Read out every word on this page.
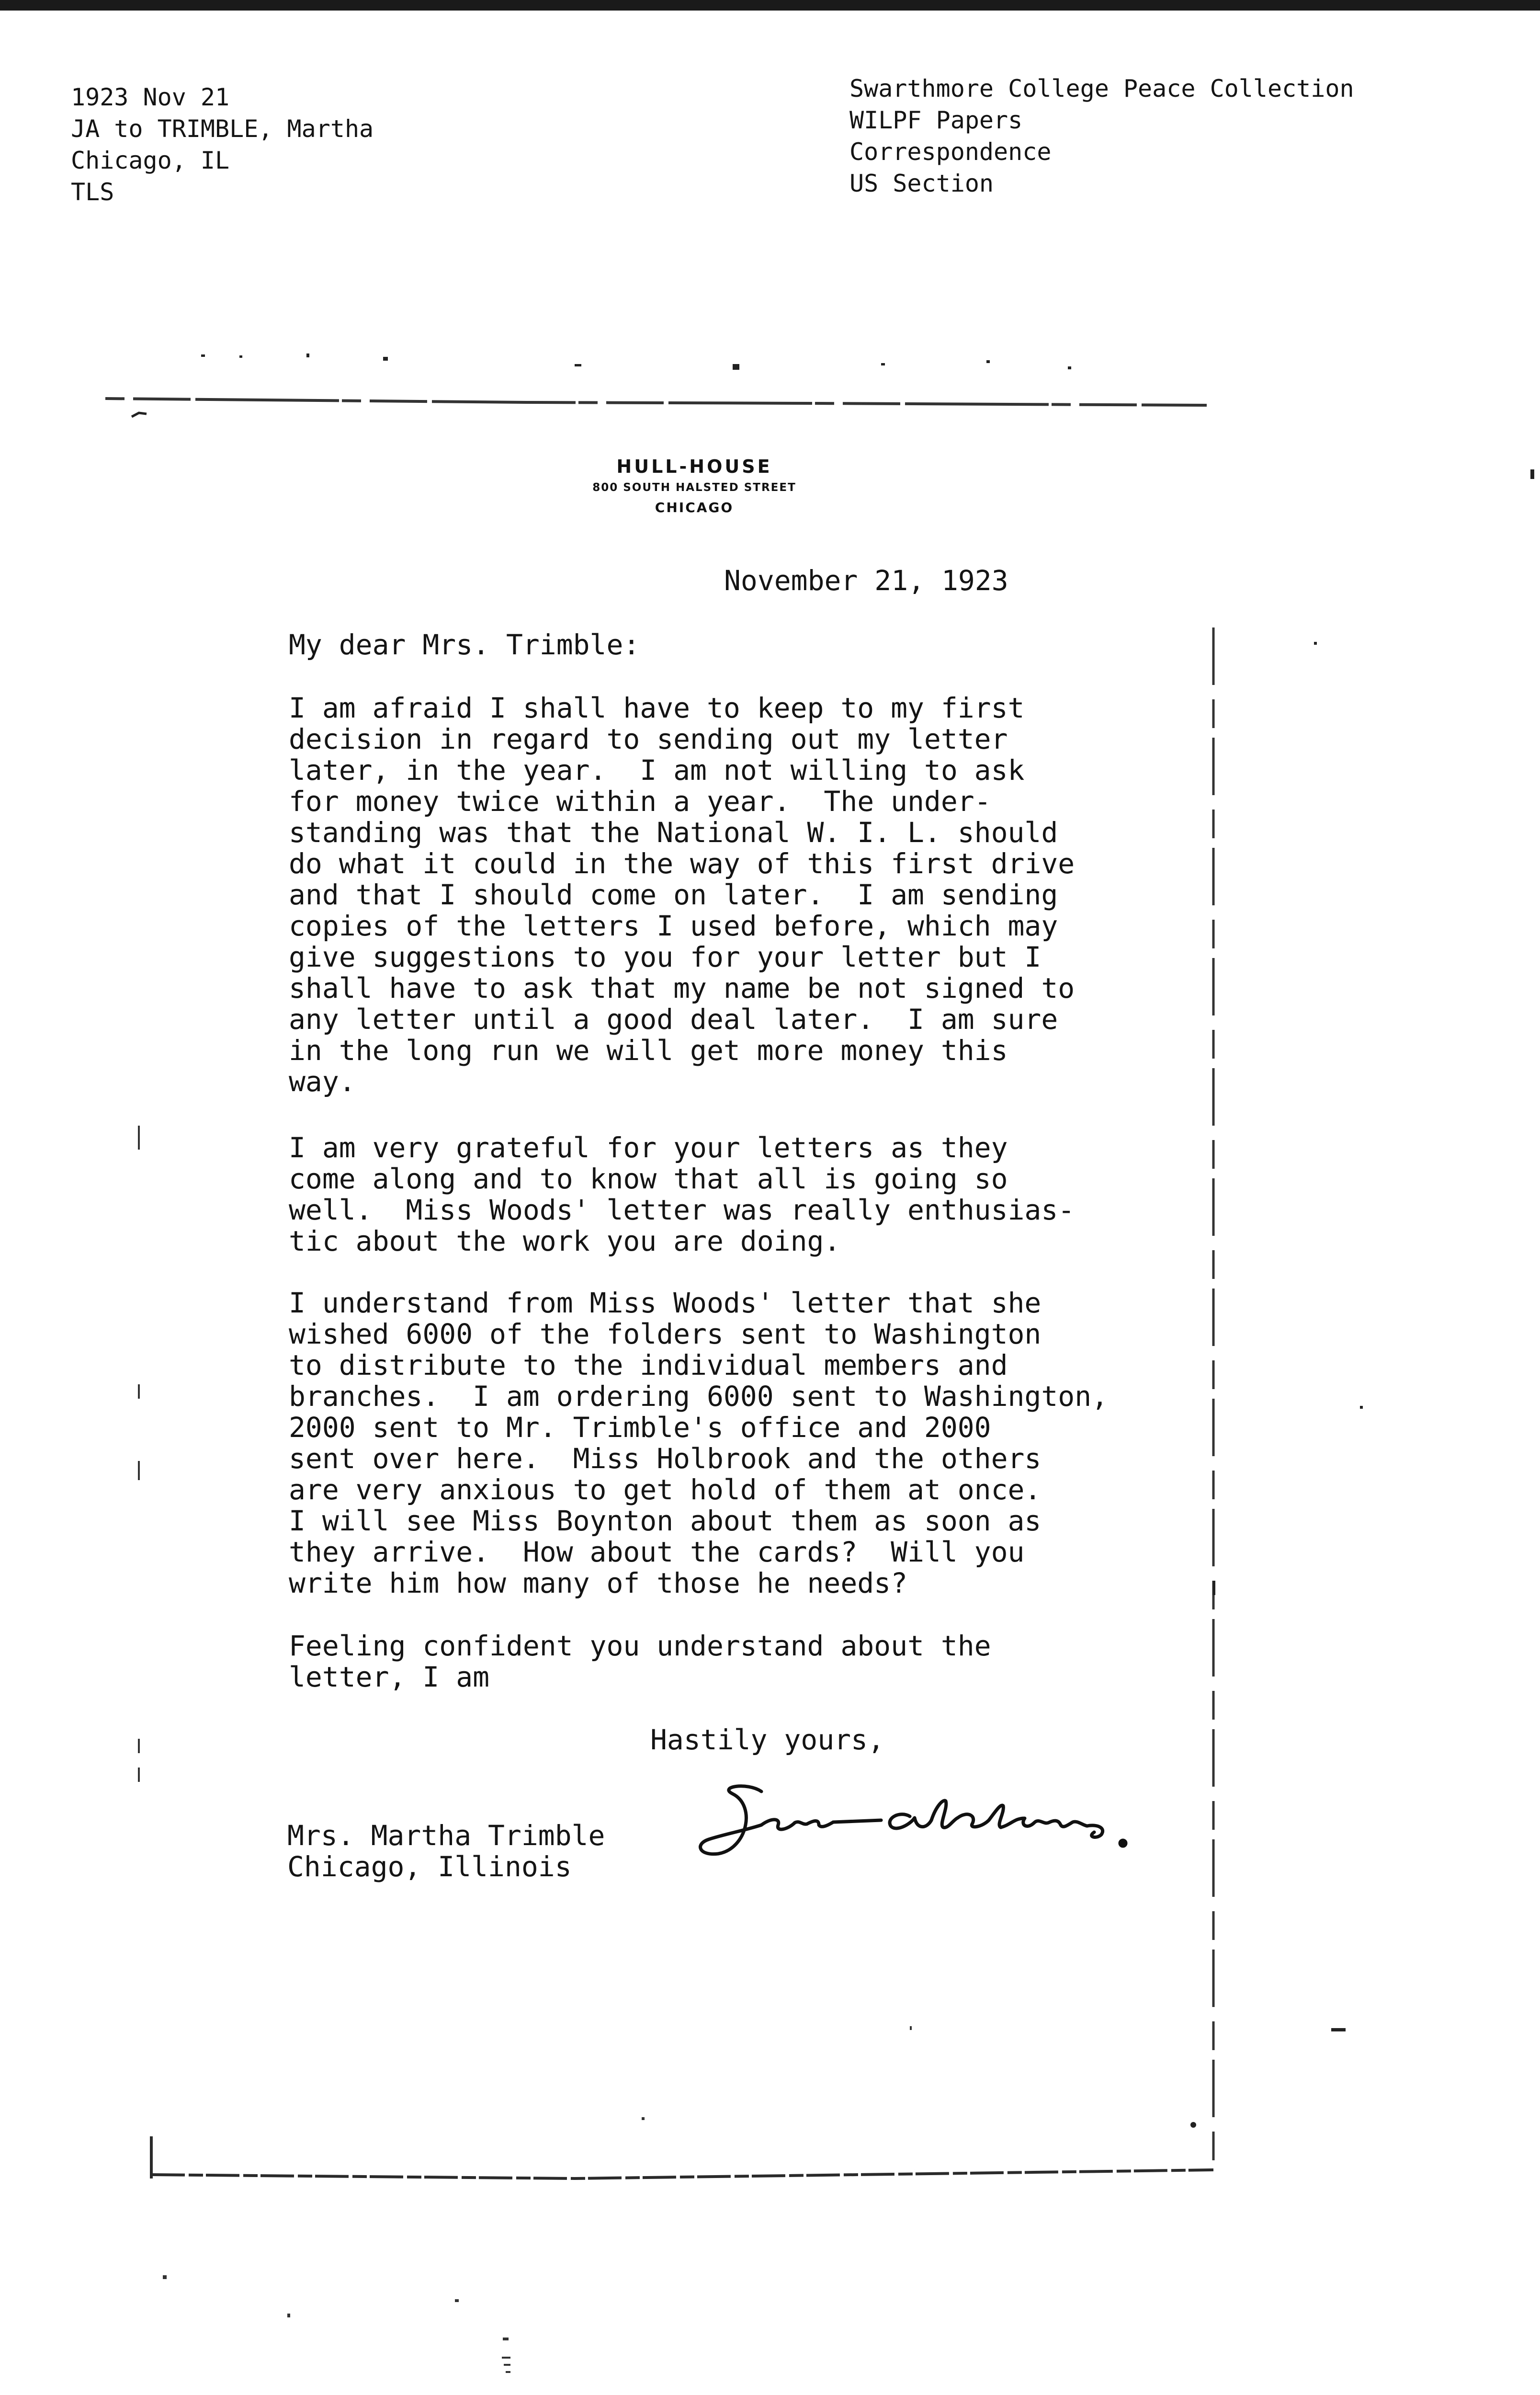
1923 Nov 21
JA to TRIMBLE, Martha
Chicago, IL
TLS
Swarthmore College Peace Collection
WILPF Papers
Correspondence
US Section
HULL-HOUSE
800 SOUTH HALSTED STREET
CHICAGO
November 21, 1923
My dear Mrs. Trimble:
I am afraid I shall have to keep to my first
decision in regard to sending out my letter
later, in the year.  I am not willing to ask
for money twice within a year.  The under-
standing was that the National W. I. L. should
do what it could in the way of this first drive
and that I should come on later.  I am sending
copies of the letters I used before, which may
give suggestions to you for your letter but I
shall have to ask that my name be not signed to
any letter until a good deal later.  I am sure
in the long run we will get more money this
way.
I am very grateful for your letters as they
come along and to know that all is going so
well.  Miss Woods' letter was really enthusias-
tic about the work you are doing.
I understand from Miss Woods' letter that she
wished 6000 of the folders sent to Washington
to distribute to the individual members and
branches.  I am ordering 6000 sent to Washington,
2000 sent to Mr. Trimble's office and 2000
sent over here.  Miss Holbrook and the others
are very anxious to get hold of them at once.
I will see Miss Boynton about them as soon as
they arrive.  How about the cards?  Will you
write him how many of those he needs?
Feeling confident you understand about the
letter, I am
Hastily yours,
Mrs. Martha Trimble
Chicago, Illinois
